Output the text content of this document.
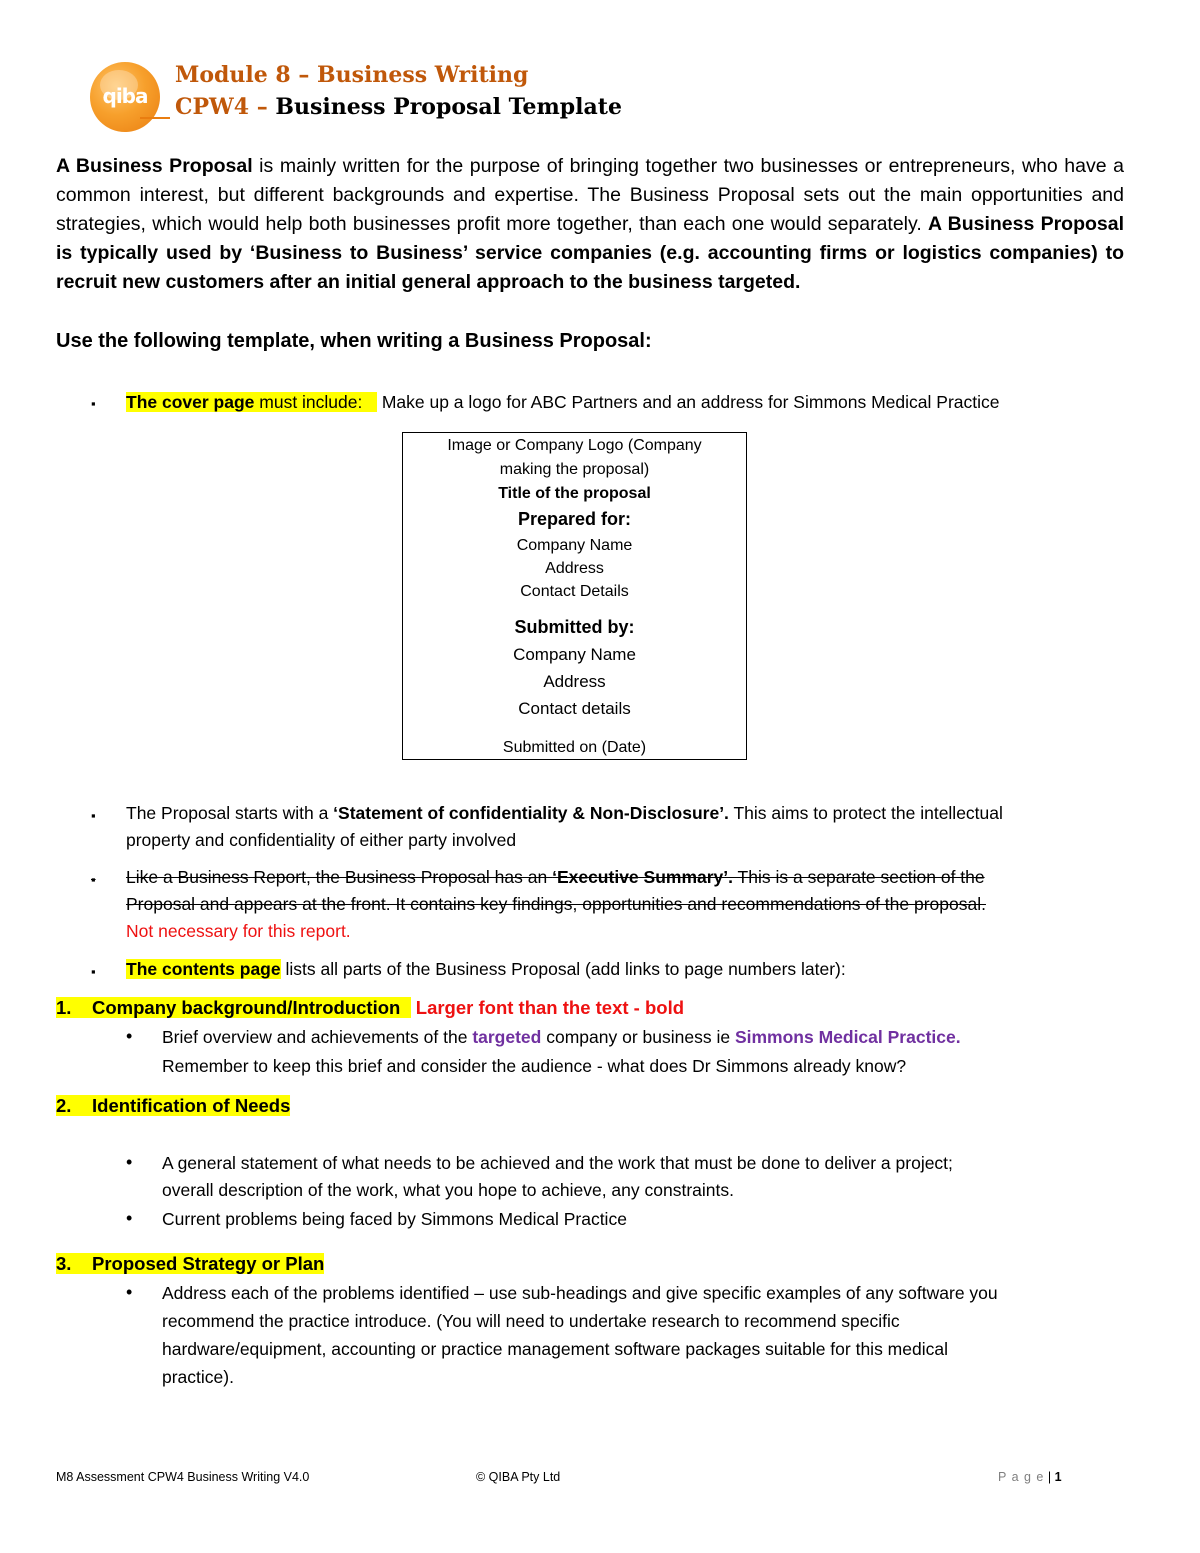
qiba
Module 8 – Business Writing
CPW4 – Business Proposal Template

A Business Proposal is mainly written for the purpose of bringing together two businesses or entrepreneurs, who have a common interest, but different backgrounds and expertise. The Business Proposal sets out the main opportunities and strategies, which would help both businesses profit more together, than each one would separately. A Business Proposal is typically used by ‘Business to Business’ service companies (e.g. accounting firms or logistics companies) to recruit new customers after an initial general approach to the business targeted.

Use the following template, when writing a Business Proposal:
▪ The cover page must include: Make up a logo for ABC Partners and an address for Simmons Medical Practice
Image or Company Logo (Company
making the proposal)
Title of the proposal
Prepared for:
Company Name
Address
Contact Details
Submitted by:
Company Name
Address
Contact details
Submitted on (Date)
▪ The Proposal starts with a ‘Statement of confidentiality & Non-Disclosure’. This aims to protect the intellectual
property and confidentiality of either party involved
▪ Like a Business Report, the Business Proposal has an ‘Executive Summary’. This is a separate section of the
Proposal and appears at the front. It contains key findings, opportunities and recommendations of the proposal.
Not necessary for this report.
▪ The contents page lists all parts of the Business Proposal (add links to page numbers later):
1. Company background/Introduction Larger font than the text - bold
• Brief overview and achievements of the targeted company or business ie Simmons Medical Practice.
Remember to keep this brief and consider the audience - what does Dr Simmons already know?
2. Identification of Needs
• A general statement of what needs to be achieved and the work that must be done to deliver a project;
overall description of the work, what you hope to achieve, any constraints.
• Current problems being faced by Simmons Medical Practice
3. Proposed Strategy or Plan
• Address each of the problems identified – use sub-headings and give specific examples of any software you
recommend the practice introduce. (You will need to undertake research to recommend specific
hardware/equipment, accounting or practice management software packages suitable for this medical
practice).
M8 Assessment CPW4 Business Writing V4.0	© QIBA Pty Ltd	P a g e | 1
